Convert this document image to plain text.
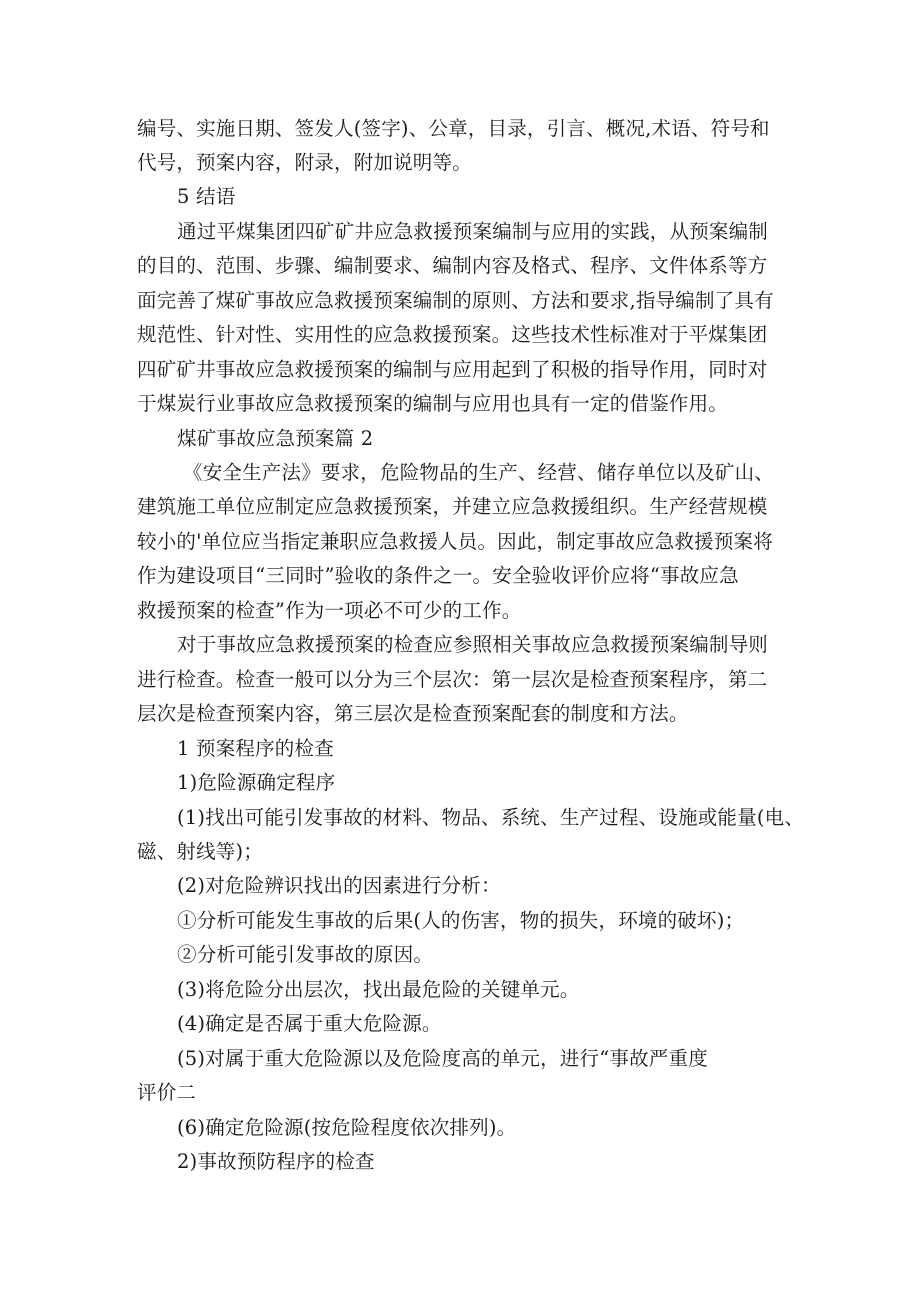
编号、实施日期、签发人(签字)、公章，目录，引言、概况,术语、符号和
代号，预案内容，附录，附加说明等。
5 结语
通过平煤集团四矿矿井应急救援预案编制与应用的实践，从预案编制
的目的、范围、步骤、编制要求、编制内容及格式、程序、文件体系等方
面完善了煤矿事故应急救援预案编制的原则、方法和要求,指导编制了具有
规范性、针对性、实用性的应急救援预案。这些技术性标准对于平煤集团
四矿矿井事故应急救援预案的编制与应用起到了积极的指导作用，同时对
于煤炭行业事故应急救援预案的编制与应用也具有一定的借鉴作用。
煤矿事故应急预案篇 2
《安全生产法》要求，危险物品的生产、经营、储存单位以及矿山、
建筑施工单位应制定应急救援预案，并建立应急救援组织。生产经营规模
较小的'单位应当指定兼职应急救援人员。因此，制定事故应急救援预案将
作为建设项目“三同时”验收的条件之一。安全验收评价应将“事故应急
救援预案的检查”作为一项必不可少的工作。
对于事故应急救援预案的检查应参照相关事故应急救援预案编制导则
进行检查。检查一般可以分为三个层次：第一层次是检查预案程序，第二
层次是检查预案内容，第三层次是检查预案配套的制度和方法。
1 预案程序的检查
1)危险源确定程序
(1)找出可能引发事故的材料、物品、系统、生产过程、设施或能量(电、
磁、射线等)；
(2)对危险辨识找出的因素进行分析：
①分析可能发生事故的后果(人的伤害，物的损失，环境的破坏)；
②分析可能引发事故的原因。
(3)将危险分出层次，找出最危险的关键单元。
(4)确定是否属于重大危险源。
(5)对属于重大危险源以及危险度高的单元，进行“事故严重度
评价二
(6)确定危险源(按危险程度依次排列)。
2)事故预防程序的检查
